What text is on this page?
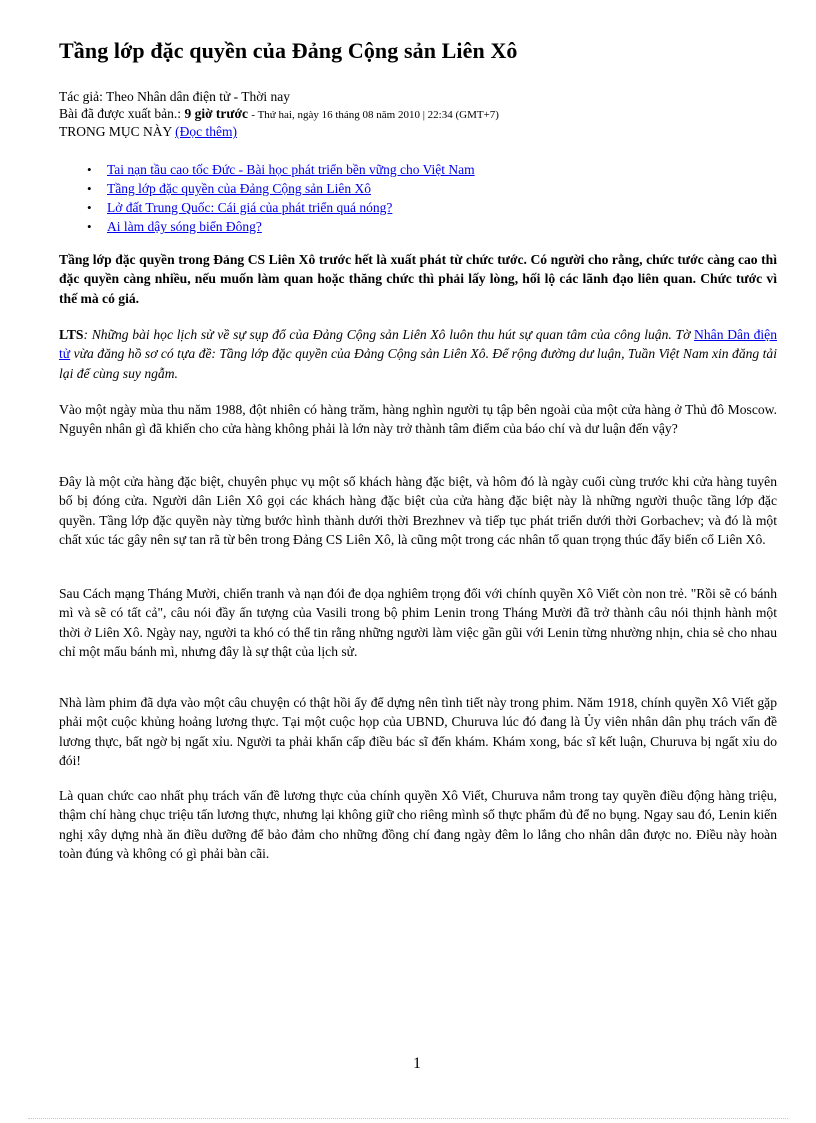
Tầng lớp đặc quyền của Đảng Cộng sản Liên Xô
Tác giả: Theo Nhân dân điện tử - Thời nay
Bài đã được xuất bản.: 9 giờ trước - Thứ hai, ngày 16 tháng 08 năm 2010 | 22:34 (GMT+7)
TRONG MỤC NÀY (Đọc thêm)
• Tai nạn tầu cao tốc Đức - Bài học phát triển bền vững cho Việt Nam
• Tầng lớp đặc quyền của Đảng Cộng sản Liên Xô
• Lở đất Trung Quốc: Cái giá của phát triển quá nóng?
• Ai làm dậy sóng biển Đông?

Tầng lớp đặc quyền trong Đảng CS Liên Xô trước hết là xuất phát từ chức tước. Có người cho rằng, chức tước càng cao thì đặc quyền càng nhiều, nếu muốn làm quan hoặc thăng chức thì phải lấy lòng, hối lộ các lãnh đạo liên quan. Chức tước vì thế mà có giá.

LTS: Những bài học lịch sử về sự sụp đổ của Đảng Cộng sản Liên Xô luôn thu hút sự quan tâm của công luận. Tờ Nhân Dân điện tử vừa đăng hồ sơ có tựa đề: Tầng lớp đặc quyền của Đảng Cộng sản Liên Xô. Để rộng đường dư luận, Tuần Việt Nam xin đăng tải lại để cùng suy ngẫm.

Vào một ngày mùa thu năm 1988, đột nhiên có hàng trăm, hàng nghìn người tụ tập bên ngoài của một cửa hàng ở Thủ đô Moscow. Nguyên nhân gì đã khiến cho cửa hàng không phải là lớn này trở thành tâm điểm của báo chí và dư luận đến vậy?

Đây là một cửa hàng đặc biệt, chuyên phục vụ một số khách hàng đặc biệt, và hôm đó là ngày cuối cùng trước khi cửa hàng tuyên bố bị đóng cửa. Người dân Liên Xô gọi các khách hàng đặc biệt của cửa hàng đặc biệt này là những người thuộc tầng lớp đặc quyền. Tầng lớp đặc quyền này từng bước hình thành dưới thời Brezhnev và tiếp tục phát triển dưới thời Gorbachev; và đó là một chất xúc tác gây nên sự tan rã từ bên trong Đảng CS Liên Xô, là cũng một trong các nhân tố quan trọng thúc đẩy biến cố Liên Xô.

Sau Cách mạng Tháng Mười, chiến tranh và nạn đói đe dọa nghiêm trọng đối với chính quyền Xô Viết còn non trẻ. "Rồi sẽ có bánh mì và sẽ có tất cả", câu nói đầy ấn tượng của Vasili trong bộ phim Lenin trong Tháng Mười đã trở thành câu nói thịnh hành một thời ở Liên Xô. Ngày nay, người ta khó có thể tin rằng những người làm việc gần gũi với Lenin từng nhường nhịn, chia sẻ cho nhau chỉ một mẩu bánh mì, nhưng đây là sự thật của lịch sử.

Nhà làm phim đã dựa vào một câu chuyện có thật hồi ấy để dựng nên tình tiết này trong phim. Năm 1918, chính quyền Xô Viết gặp phải một cuộc khủng hoảng lương thực. Tại một cuộc họp của UBND, Churuva lúc đó đang là Ủy viên nhân dân phụ trách vấn đề lương thực, bất ngờ bị ngất xỉu. Người ta phải khẩn cấp điều bác sĩ đến khám. Khám xong, bác sĩ kết luận, Churuva bị ngất xỉu do đói!

Là quan chức cao nhất phụ trách vấn đề lương thực của chính quyền Xô Viết, Churuva nắm trong tay quyền điều động hàng triệu, thậm chí hàng chục triệu tấn lương thực, nhưng lại không giữ cho riêng mình số thực phẩm đủ để no bụng. Ngay sau đó, Lenin kiến nghị xây dựng nhà ăn điều dưỡng để bảo đảm cho những đồng chí đang ngày đêm lo lắng cho nhân dân được no. Điều này hoàn toàn đúng và không có gì phải bàn cãi.

1
